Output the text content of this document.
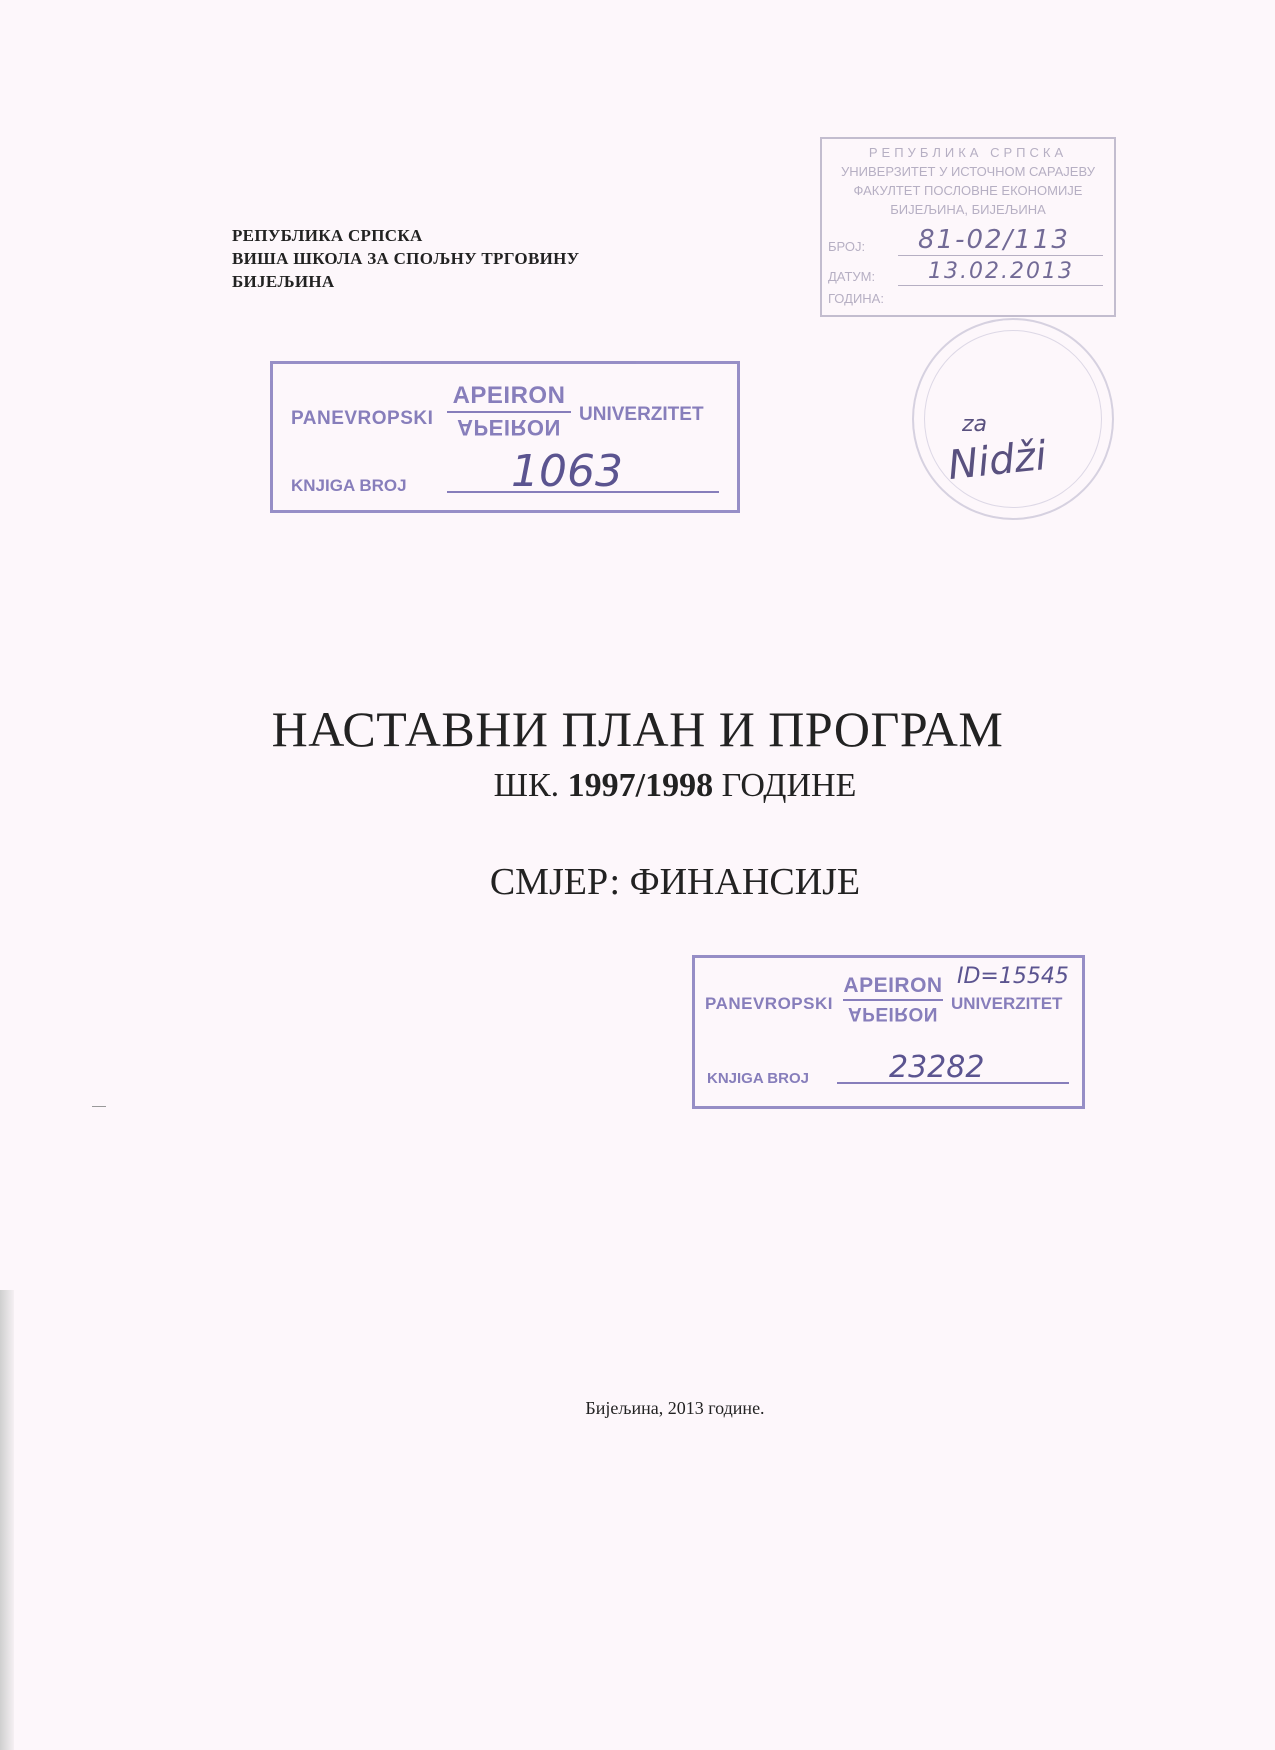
РЕПУБЛИКА СРПСКА
ВИША ШКОЛА ЗА СПОЉНУ ТРГОВИНУ
БИЈЕЉИНА
РЕПУБЛИКА СРПСКА
УНИВЕРЗИТЕТ У ИСТОЧНОМ САРАЈЕВУ
ФАКУЛТЕТ ПОСЛОВНЕ ЕКОНОМИЈЕ
БИЈЕЉИНА, БИЈЕЉИНА
БРОЈ: 81-02/113
ДАТУМ: 13.02.2013
ГОДИНА:
za
Nidži
PANEVROPSKI
APEIRON
APEIRON
UNIVERZITET
KNJIGA BROJ 1063
НАСТАВНИ ПЛАН И ПРОГРАМ
ШК. 1997/1998 ГОДИНЕ
СМЈЕР: ФИНАНСИЈЕ
PANEVROPSKI
APEIRON
APEIRON UNIVERZITET
ID=15545
KNJIGA BROJ	23282
Бијељина, 2013 године.
